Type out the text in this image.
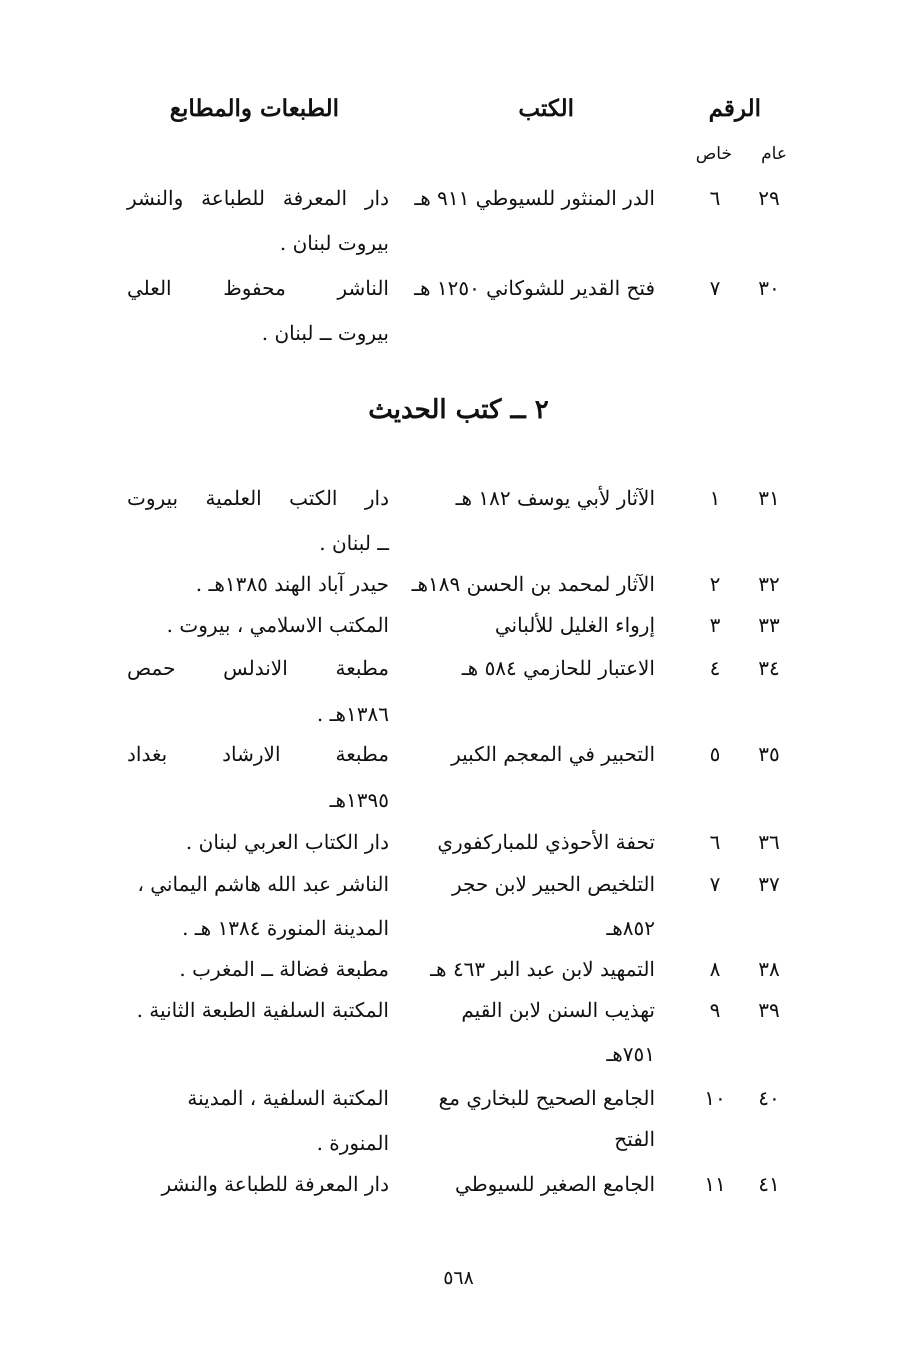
الرقم
الكتب
الطبعات والمطابع
عام
خاص
٢٩
٦
الدر المنثور للسيوطي ٩١١ هـ
دار المعرفة للطباعة والنشر
بيروت لبنان .
٣٠
٧
فتح القدير للشوكاني ١٢٥٠ هـ
الناشر محفوظ العلي
بيروت ــ لبنان .
٢ ــ كتب الحديث
٣١
١
الآثار لأبي يوسف ١٨٢ هـ
دار الكتب العلمية بيروت
ــ لبنان .
٣٢
٢
الآثار لمحمد بن الحسن ١٨٩هـ
حيدر آباد الهند ١٣٨٥هـ .
٣٣
٣
إرواء الغليل للألباني
المكتب الاسلامي ، بيروت .
٣٤
٤
الاعتبار للحازمي ٥٨٤ هـ
مطبعة الاندلس حمص
١٣٨٦هـ .
٣٥
٥
التحبير في المعجم الكبير
مطبعة الارشاد بغداد
١٣٩٥هـ
٣٦
٦
تحفة الأحوذي للمباركفوري
دار الكتاب العربي لبنان .
٣٧
٧
التلخيص الحبير لابن حجر
الناشر عبد الله هاشم اليماني ،
٨٥٢هـ
المدينة المنورة ١٣٨٤ هـ .
٣٨
٨
التمهيد لابن عبد البر ٤٦٣ هـ
مطبعة فضالة ــ المغرب .
٣٩
٩
تهذيب السنن لابن القيم
المكتبة السلفية الطبعة الثانية .
٧٥١هـ
٤٠
١٠
الجامع الصحيح للبخاري مع
المكتبة السلفية ، المدينة المنورة .	الفتح
٤١
١١
الجامع الصغير للسيوطي
دار المعرفة للطباعة والنشر
٥٦٨
